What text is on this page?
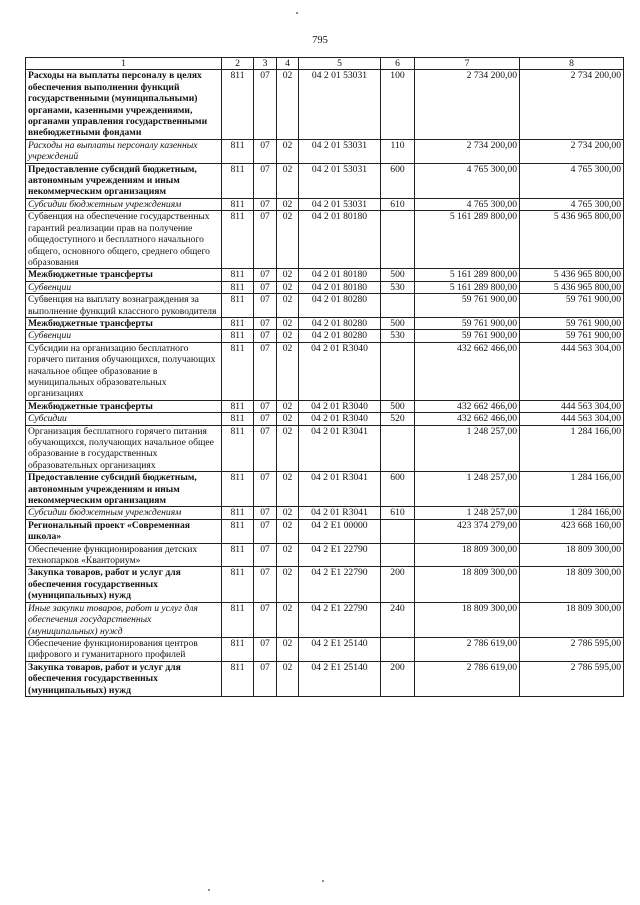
795
1	2	3	4	5	6	7	8
Расходы на выплаты персоналу в целях обеспечения выполнения функций государственными (муниципальными) органами, казенными учреждениями, органами управления государственными внебюджетными фондами	811	07	02	04 2 01 53031	100	2 734 200,00	2 734 200,00
Расходы на выплаты персоналу казенных учреждений	811	07	02	04 2 01 53031	110	2 734 200,00	2 734 200,00
Предоставление субсидий бюджетным, автономным учреждениям и иным некоммерческим организациям	811	07	02	04 2 01 53031	600	4 765 300,00	4 765 300,00
Субсидии бюджетным учреждениям	811	07	02	04 2 01 53031	610	4 765 300,00	4 765 300,00
Субвенция на обеспечение государственных гарантий реализации прав на получение общедоступного и бесплатного начального общего, основного общего, среднего общего образования	811	07	02	04 2 01 80180		5 161 289 800,00	5 436 965 800,00
Межбюджетные трансферты	811	07	02	04 2 01 80180	500	5 161 289 800,00	5 436 965 800,00
Субвенции	811	07	02	04 2 01 80180	530	5 161 289 800,00	5 436 965 800,00
Субвенция на выплату вознаграждения за выполнение функций классного руководителя	811	07	02	04 2 01 80280		59 761 900,00	59 761 900,00
Межбюджетные трансферты	811	07	02	04 2 01 80280	500	59 761 900,00	59 761 900,00
Субвенции	811	07	02	04 2 01 80280	530	59 761 900,00	59 761 900,00
Субсидии на организацию бесплатного горячего питания обучающихся, получающих начальное общее образование в муниципальных образовательных организациях	811	07	02	04 2 01 R3040		432 662 466,00	444 563 304,00
Межбюджетные трансферты	811	07	02	04 2 01 R3040	500	432 662 466,00	444 563 304,00
Субсидии	811	07	02	04 2 01 R3040	520	432 662 466,00	444 563 304,00
Организация бесплатного горячего питания обучающихся, получающих начальное общее образование в государственных образовательных организациях	811	07	02	04 2 01 R3041		1 248 257,00	1 284 166,00
Предоставление субсидий бюджетным, автономным учреждениям и иным некоммерческим организациям	811	07	02	04 2 01 R3041	600	1 248 257,00	1 284 166,00
Субсидии бюджетным учреждениям	811	07	02	04 2 01 R3041	610	1 248 257,00	1 284 166,00
Региональный проект «Современная школа»	811	07	02	04 2 E1 00000		423 374 279,00	423 668 160,00
Обеспечение функционирования детских технопарков «Кванториум»	811	07	02	04 2 E1 22790		18 809 300,00	18 809 300,00
Закупка товаров, работ и услуг для обеспечения государственных (муниципальных) нужд	811	07	02	04 2 E1 22790	200	18 809 300,00	18 809 300,00
Иные закупки товаров, работ и услуг для обеспечения государственных (муниципальных) нужд	811	07	02	04 2 E1 22790	240	18 809 300,00	18 809 300,00
Обеспечение функционирования центров цифрового и гуманитарного профилей	811	07	02	04 2 E1 25140		2 786 619,00	2 786 595,00
Закупка товаров, работ и услуг для обеспечения государственных (муниципальных) нужд	811	07	02	04 2 E1 25140	200	2 786 619,00	2 786 595,00
